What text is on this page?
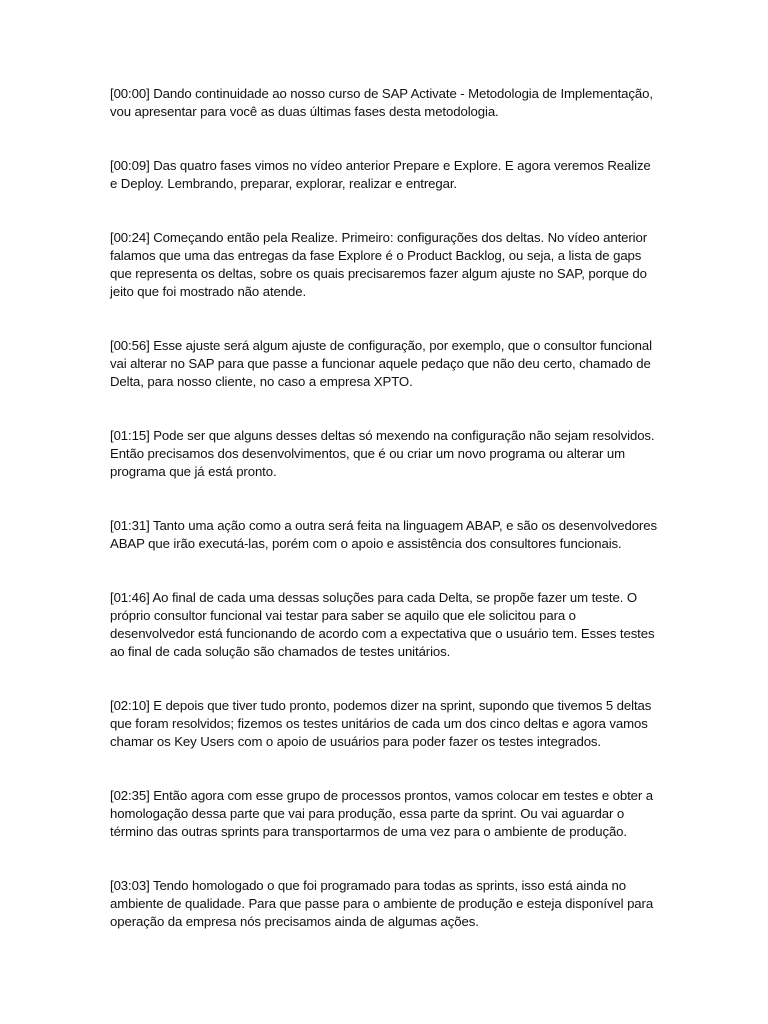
[00:00] Dando continuidade ao nosso curso de SAP Activate - Metodologia de Implementação, vou apresentar para você as duas últimas fases desta metodologia.

[00:09] Das quatro fases vimos no vídeo anterior Prepare e Explore. E agora veremos Realize e Deploy. Lembrando, preparar, explorar, realizar e entregar.

[00:24] Começando então pela Realize. Primeiro: configurações dos deltas. No vídeo anterior falamos que uma das entregas da fase Explore é o Product Backlog, ou seja, a lista de gaps que representa os deltas, sobre os quais precisaremos fazer algum ajuste no SAP, porque do jeito que foi mostrado não atende.

[00:56] Esse ajuste será algum ajuste de configuração, por exemplo, que o consultor funcional vai alterar no SAP para que passe a funcionar aquele pedaço que não deu certo, chamado de Delta, para nosso cliente, no caso a empresa XPTO.

[01:15] Pode ser que alguns desses deltas só mexendo na configuração não sejam resolvidos. Então precisamos dos desenvolvimentos, que é ou criar um novo programa ou alterar um programa que já está pronto.

[01:31] Tanto uma ação como a outra será feita na linguagem ABAP, e são os desenvolvedores ABAP que irão executá-las, porém com o apoio e assistência dos consultores funcionais.

[01:46] Ao final de cada uma dessas soluções para cada Delta, se propõe fazer um teste. O próprio consultor funcional vai testar para saber se aquilo que ele solicitou para o desenvolvedor está funcionando de acordo com a expectativa que o usuário tem. Esses testes ao final de cada solução são chamados de testes unitários.

[02:10] E depois que tiver tudo pronto, podemos dizer na sprint, supondo que tivemos 5 deltas que foram resolvidos; fizemos os testes unitários de cada um dos cinco deltas e agora vamos chamar os Key Users com o apoio de usuários para poder fazer os testes integrados.

[02:35] Então agora com esse grupo de processos prontos, vamos colocar em testes e obter a homologação dessa parte que vai para produção, essa parte da sprint. Ou vai aguardar o término das outras sprints para transportarmos de uma vez para o ambiente de produção.

[03:03] Tendo homologado o que foi programado para todas as sprints, isso está ainda no ambiente de qualidade. Para que passe para o ambiente de produção e esteja disponível para operação da empresa nós precisamos ainda de algumas ações.
